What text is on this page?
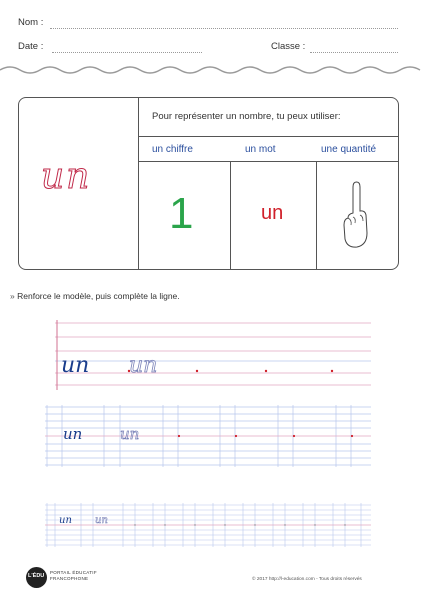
Nom :
Date :	Classe :
un
Pour représenter un nombre, tu peux utiliser:
un chiffre	un mot	une quantité
1	un
» Renforce le modèle, puis complète la ligne.
un un
un	un
un un
L'ÉDU
PORTAIL ÉDUCATIF
FRANCOPHONE	© 2017 http://l-education.com - Tous droits réservés
